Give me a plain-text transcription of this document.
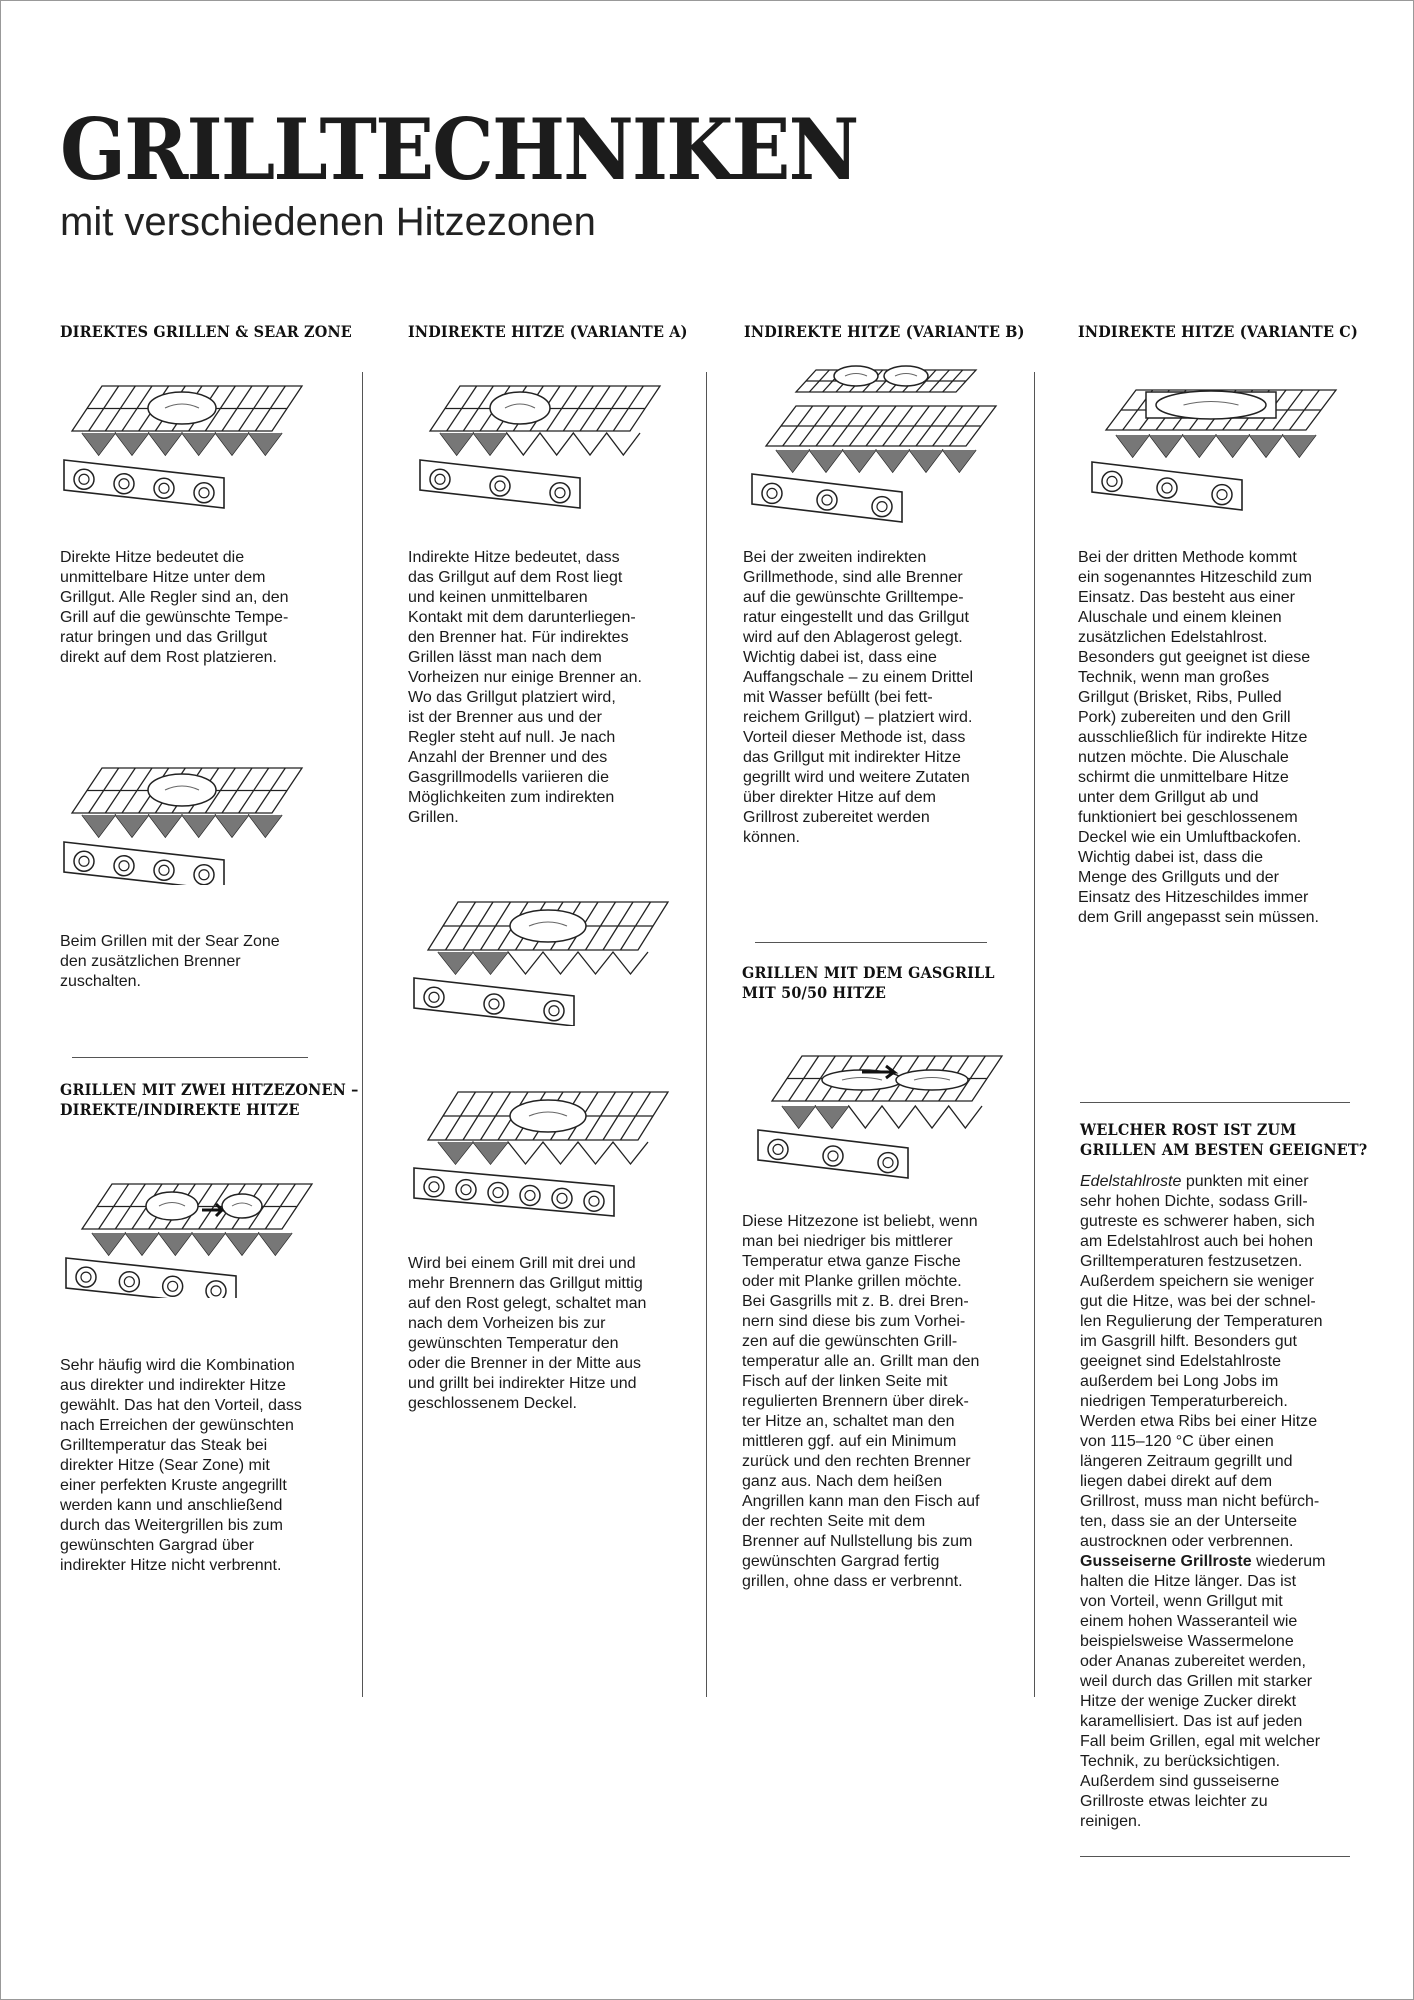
GRILLTECHNIKEN
mit verschiedenen Hitzezonen
DIREKTES GRILLEN & SEAR ZONE
Direkte Hitze bedeutet die
unmittelbare Hitze unter dem
Grillgut. Alle Regler sind an, den
Grill auf die gewünschte Tempe-
ratur bringen und das Grillgut
direkt auf dem Rost platzieren.
Beim Grillen mit der Sear Zone
den zusätzlichen Brenner
zuschalten.
GRILLEN MIT ZWEI HITZEZONEN –
DIREKTE/INDIREKTE HITZE
Sehr häufig wird die Kombination
aus direkter und indirekter Hitze
gewählt. Das hat den Vorteil, dass
nach Erreichen der gewünschten
Grilltemperatur das Steak bei
direkter Hitze (Sear Zone) mit
einer perfekten Kruste angegrillt
werden kann und anschließend
durch das Weitergrillen bis zum
gewünschten Gargrad über
indirekter Hitze nicht verbrennt.
INDIREKTE HITZE (VARIANTE A)
Indirekte Hitze bedeutet, dass
das Grillgut auf dem Rost liegt
und keinen unmittelbaren
Kontakt mit dem darunterliegen-
den Brenner hat. Für indirektes
Grillen lässt man nach dem
Vorheizen nur einige Brenner an.
Wo das Grillgut platziert wird,
ist der Brenner aus und der
Regler steht auf null. Je nach
Anzahl der Brenner und des
Gasgrillmodells variieren die
Möglichkeiten zum indirekten
Grillen.
Wird bei einem Grill mit drei und
mehr Brennern das Grillgut mittig
auf den Rost gelegt, schaltet man
nach dem Vorheizen bis zur
gewünschten Temperatur den
oder die Brenner in der Mitte aus
und grillt bei indirekter Hitze und
geschlossenem Deckel.
INDIREKTE HITZE (VARIANTE B)
Bei der zweiten indirekten
Grillmethode, sind alle Brenner
auf die gewünschte Grilltempe-
ratur eingestellt und das Grillgut
wird auf den Ablagerost gelegt.
Wichtig dabei ist, dass eine
Auffangschale – zu einem Drittel
mit Wasser befüllt (bei fett-
reichem Grillgut) – platziert wird.
Vorteil dieser Methode ist, dass
das Grillgut mit indirekter Hitze
gegrillt wird und weitere Zutaten
über direkter Hitze auf dem
Grillrost zubereitet werden
können.
GRILLEN MIT DEM GASGRILL
MIT 50/50 HITZE
Diese Hitzezone ist beliebt, wenn
man bei niedriger bis mittlerer
Temperatur etwa ganze Fische
oder mit Planke grillen möchte.
Bei Gasgrills mit z. B. drei Bren-
nern sind diese bis zum Vorhei-
zen auf die gewünschten Grill-
temperatur alle an. Grillt man den
Fisch auf der linken Seite mit
regulierten Brennern über direk-
ter Hitze an, schaltet man den
mittleren ggf. auf ein Minimum
zurück und den rechten Brenner
ganz aus. Nach dem heißen
Angrillen kann man den Fisch auf
der rechten Seite mit dem
Brenner auf Nullstellung bis zum
gewünschten Gargrad fertig
grillen, ohne dass er verbrennt.
INDIREKTE HITZE (VARIANTE C)
Bei der dritten Methode kommt
ein sogenanntes Hitzeschild zum
Einsatz. Das besteht aus einer
Aluschale und einem kleinen
zusätzlichen Edelstahlrost.
Besonders gut geeignet ist diese
Technik, wenn man großes
Grillgut (Brisket, Ribs, Pulled
Pork) zubereiten und den Grill
ausschließlich für indirekte Hitze
nutzen möchte. Die Aluschale
schirmt die unmittelbare Hitze
unter dem Grillgut ab und
funktioniert bei geschlossenem
Deckel wie ein Umluftbackofen.
Wichtig dabei ist, dass die
Menge des Grillguts und der
Einsatz des Hitzeschildes immer
dem Grill angepasst sein müssen.
WELCHER ROST IST ZUM
GRILLEN AM BESTEN GEEIGNET?
Edelstahlroste punkten mit einer
sehr hohen Dichte, sodass Grill-
gutreste es schwerer haben, sich
am Edelstahlrost auch bei hohen
Grilltemperaturen festzusetzen.
Außerdem speichern sie weniger
gut die Hitze, was bei der schnel-
len Regulierung der Temperaturen
im Gasgrill hilft. Besonders gut
geeignet sind Edelstahlroste
außerdem bei Long Jobs im
niedrigen Temperaturbereich.
Werden etwa Ribs bei einer Hitze
von 115–120 °C über einen
längeren Zeitraum gegrillt und
liegen dabei direkt auf dem
Grillrost, muss man nicht befürch-
ten, dass sie an der Unterseite
austrocknen oder verbrennen.
Gusseiserne Grillroste wiederum
halten die Hitze länger. Das ist
von Vorteil, wenn Grillgut mit
einem hohen Wasseranteil wie
beispielsweise Wassermelone
oder Ananas zubereitet werden,
weil durch das Grillen mit starker
Hitze der wenige Zucker direkt
karamellisiert. Das ist auf jeden
Fall beim Grillen, egal mit welcher
Technik, zu berücksichtigen.
Außerdem sind gusseiserne
Grillroste etwas leichter zu
reinigen.
